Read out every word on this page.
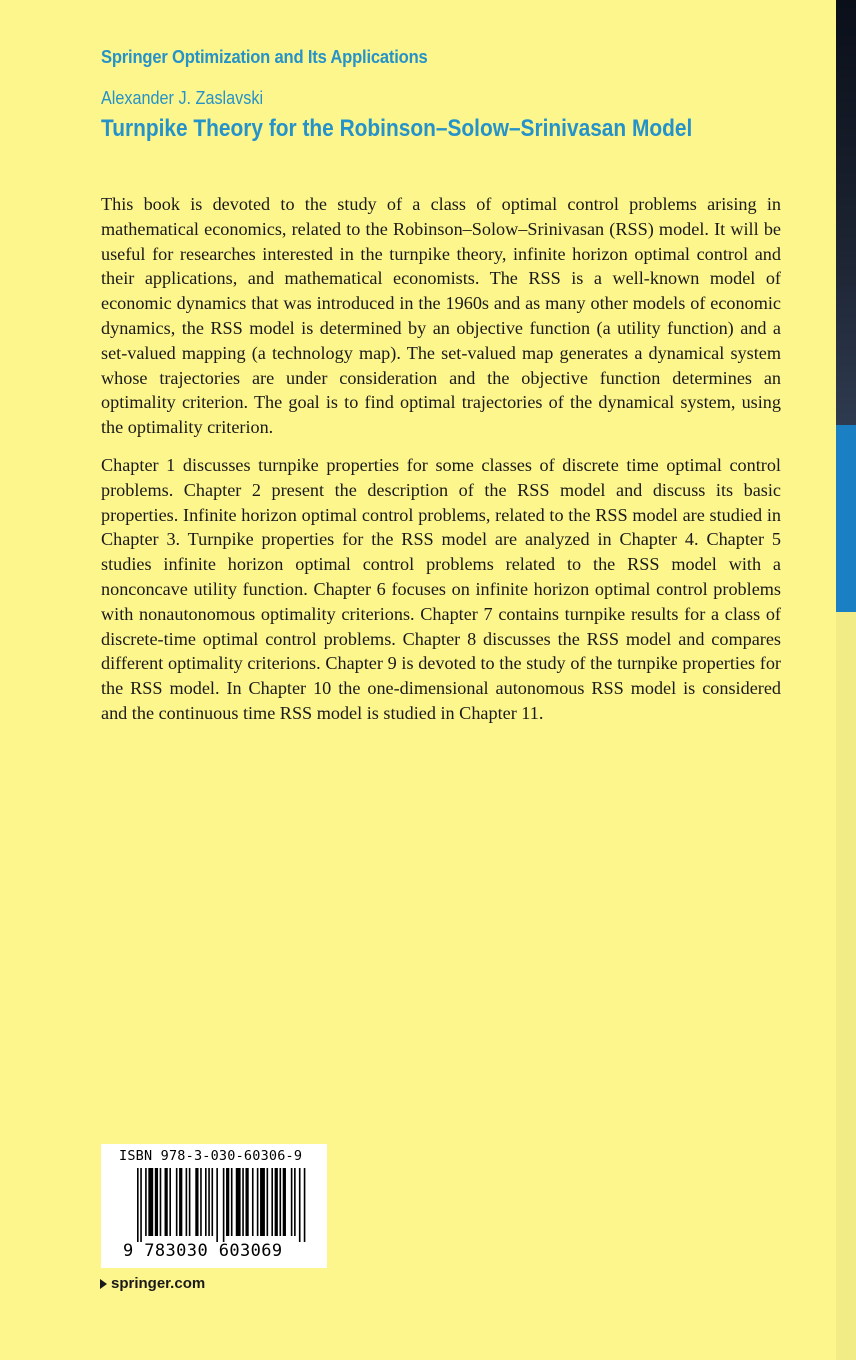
Springer Optimization and Its Applications
Alexander J. Zaslavski
Turnpike Theory for the Robinson–Solow–Srinivasan Model

This book is devoted to the study of a class of optimal control problems arising in mathematical economics, related to the Robinson–Solow–Srinivasan (RSS) model. It will be useful for researches interested in the turnpike theory, infinite horizon optimal control and their applications, and mathematical economists. The RSS is a well-known model of economic dynamics that was introduced in the 1960s and as many other models of economic dynamics, the RSS model is determined by an objective function (a utility function) and a set-valued mapping (a technology map). The set-valued map generates a dynamical system whose trajectories are under consideration and the objective function determines an optimality criterion. The goal is to find optimal trajectories of the dynamical system, using the optimality criterion.

Chapter 1 discusses turnpike properties for some classes of discrete time optimal control problems. Chapter 2 present the description of the RSS model and discuss its basic properties. Infinite horizon optimal control problems, related to the RSS model are studied in Chapter 3. Turnpike properties for the RSS model are analyzed in Chapter 4. Chapter 5 studies infinite horizon optimal control problems related to the RSS model with a nonconcave utility function. Chapter 6 focuses on infinite horizon optimal control problems with nonautonomous optimality criterions. Chapter 7 contains turnpike results for a class of discrete-time optimal control problems. Chapter 8 discusses the RSS model and compares different optimality criterions. Chapter 9 is devoted to the study of the turnpike properties for the RSS model. In Chapter 10 the one-dimensional autonomous RSS model is considered and the continuous time RSS model is studied in Chapter 11.

ISBN 978-3-030-60306-9
9 783030 603069
springer.com
